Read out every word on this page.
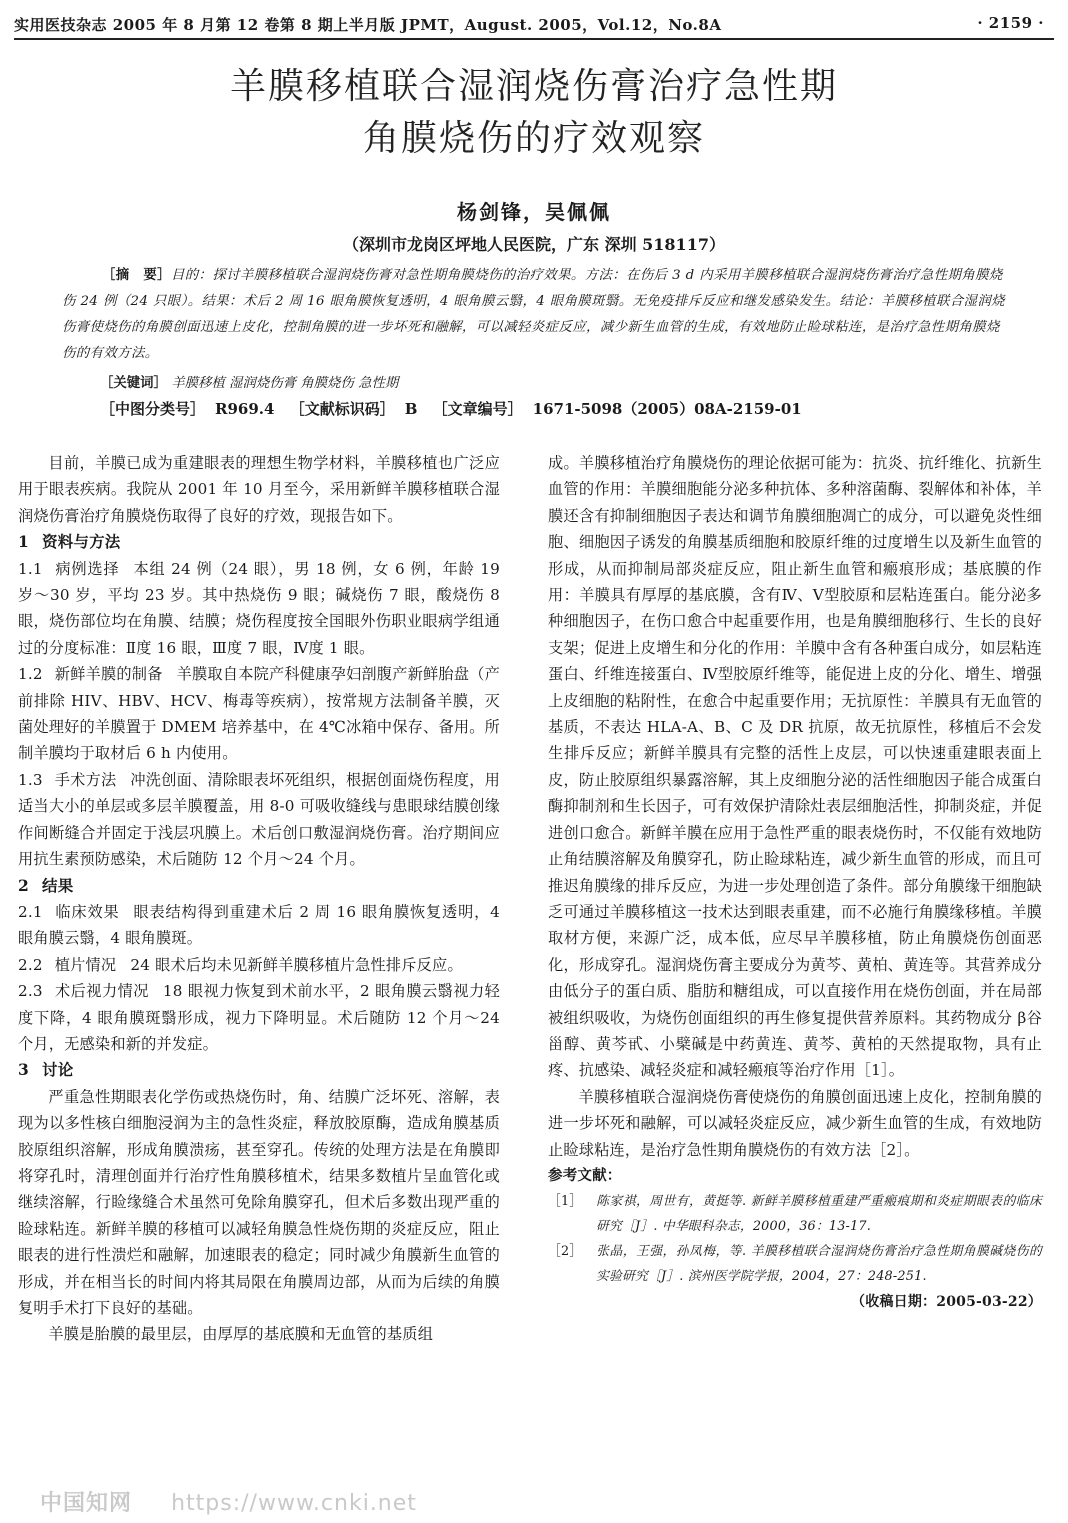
实用医技杂志 2005 年 8 月第 12 卷第 8 期上半月版 JPMT，August. 2005，Vol.12，No.8A	· 2159 ·
羊膜移植联合湿润烧伤膏治疗急性期
角膜烧伤的疗效观察
杨剑锋，吴佩佩
（深圳市龙岗区坪地人民医院，广东 深圳 518117）
［摘　要］目的：探讨羊膜移植联合湿润烧伤膏对急性期角膜烧伤的治疗效果。方法：在伤后 3 d 内采用羊膜移植联合湿润烧伤膏治疗急性期角膜烧伤 24 例（24 只眼）。结果：术后 2 周 16 眼角膜恢复透明，4 眼角膜云翳，4 眼角膜斑翳。无免疫排斥反应和继发感染发生。结论：羊膜移植联合湿润烧伤膏使烧伤的角膜创面迅速上皮化，控制角膜的进一步坏死和融解，可以减轻炎症反应，减少新生血管的生成，有效地防止睑球粘连，是治疗急性期角膜烧伤的有效方法。
［关键词］ 羊膜移植 湿润烧伤膏 角膜烧伤 急性期
［中图分类号］ R969.4 ［文献标识码］ B ［文章编号］ 1671-5098（2005）08A-2159-01

目前，羊膜已成为重建眼表的理想生物学材料，羊膜移植也广泛应用于眼表疾病。我院从 2001 年 10 月至今，采用新鲜羊膜移植联合湿润烧伤膏治疗角膜烧伤取得了良好的疗效，现报告如下。

1 资料与方法

1.1 病例选择 本组 24 例（24 眼），男 18 例，女 6 例，年龄 19 岁～30 岁，平均 23 岁。其中热烧伤 9 眼；碱烧伤 7 眼，酸烧伤 8 眼，烧伤部位均在角膜、结膜；烧伤程度按全国眼外伤职业眼病学组通过的分度标准：Ⅱ度 16 眼，Ⅲ度 7 眼，Ⅳ度 1 眼。

1.2 新鲜羊膜的制备 羊膜取自本院产科健康孕妇剖腹产新鲜胎盘（产前排除 HIV、HBV、HCV、梅毒等疾病），按常规方法制备羊膜，灭菌处理好的羊膜置于 DMEM 培养基中，在 4℃冰箱中保存、备用。所制羊膜均于取材后 6 h 内使用。

1.3 手术方法 冲洗创面、清除眼表坏死组织，根据创面烧伤程度，用适当大小的单层或多层羊膜覆盖，用 8-0 可吸收缝线与患眼球结膜创缘作间断缝合并固定于浅层巩膜上。术后创口敷湿润烧伤膏。治疗期间应用抗生素预防感染，术后随防 12 个月～24 个月。

2 结果

2.1 临床效果 眼表结构得到重建术后 2 周 16 眼角膜恢复透明，4 眼角膜云翳，4 眼角膜斑。

2.2 植片情况 24 眼术后均未见新鲜羊膜移植片急性排斥反应。

2.3 术后视力情况 18 眼视力恢复到术前水平，2 眼角膜云翳视力轻度下降，4 眼角膜斑翳形成，视力下降明显。术后随防 12 个月～24 个月，无感染和新的并发症。

3 讨论

严重急性期眼表化学伤或热烧伤时，角、结膜广泛坏死、溶解，表现为以多性核白细胞浸润为主的急性炎症，释放胶原酶，造成角膜基质胶原组织溶解，形成角膜溃疡，甚至穿孔。传统的处理方法是在角膜即将穿孔时，清理创面并行治疗性角膜移植术，结果多数植片呈血管化或继续溶解，行睑缘缝合术虽然可免除角膜穿孔，但术后多数出现严重的睑球粘连。新鲜羊膜的移植可以减轻角膜急性烧伤期的炎症反应，阻止眼表的进行性溃烂和融解，加速眼表的稳定；同时减少角膜新生血管的形成，并在相当长的时间内将其局限在角膜周边部，从而为后续的角膜复明手术打下良好的基础。

羊膜是胎膜的最里层，由厚厚的基底膜和无血管的基质组

成。羊膜移植治疗角膜烧伤的理论依据可能为：抗炎、抗纤维化、抗新生血管的作用：羊膜细胞能分泌多种抗体、多种溶菌酶、裂解体和补体，羊膜还含有抑制细胞因子表达和调节角膜细胞凋亡的成分，可以避免炎性细胞、细胞因子诱发的角膜基质细胞和胶原纤维的过度增生以及新生血管的形成，从而抑制局部炎症反应，阻止新生血管和瘢痕形成；基底膜的作用：羊膜具有厚厚的基底膜，含有Ⅳ、Ⅴ型胶原和层粘连蛋白。能分泌多种细胞因子，在伤口愈合中起重要作用，也是角膜细胞移行、生长的良好支架；促进上皮增生和分化的作用：羊膜中含有各种蛋白成分，如层粘连蛋白、纤维连接蛋白、Ⅳ型胶原纤维等，能促进上皮的分化、增生、增强上皮细胞的粘附性，在愈合中起重要作用；无抗原性：羊膜具有无血管的基质，不表达 HLA-A、B、C 及 DR 抗原，故无抗原性，移植后不会发生排斥反应；新鲜羊膜具有完整的活性上皮层，可以快速重建眼表面上皮，防止胶原组织暴露溶解，其上皮细胞分泌的活性细胞因子能合成蛋白酶抑制剂和生长因子，可有效保护清除灶表层细胞活性，抑制炎症，并促进创口愈合。新鲜羊膜在应用于急性严重的眼表烧伤时，不仅能有效地防止角结膜溶解及角膜穿孔，防止睑球粘连，减少新生血管的形成，而且可推迟角膜缘的排斥反应，为进一步处理创造了条件。部分角膜缘干细胞缺乏可通过羊膜移植这一技术达到眼表重建，而不必施行角膜缘移植。羊膜取材方便，来源广泛，成本低，应尽早羊膜移植，防止角膜烧伤创面恶化，形成穿孔。湿润烧伤膏主要成分为黄芩、黄柏、黄连等。其营养成分由低分子的蛋白质、脂肪和糖组成，可以直接作用在烧伤创面，并在局部被组织吸收，为烧伤创面组织的再生修复提供营养原料。其药物成分 β谷甾醇、黄芩甙、小檗碱是中药黄连、黄芩、黄柏的天然提取物，具有止疼、抗感染、减轻炎症和减轻瘢痕等治疗作用［1］。

羊膜移植联合湿润烧伤膏使烧伤的角膜创面迅速上皮化，控制角膜的进一步坏死和融解，可以减轻炎症反应，减少新生血管的生成，有效地防止睑球粘连，是治疗急性期角膜烧伤的有效方法［2］。

参考文献：

［1］ 陈家祺，周世有，黄挺等. 新鲜羊膜移植重建严重瘢痕期和炎症期眼表的临床研究［J］. 中华眼科杂志，2000，36：13-17.

［2］ 张晶，王强，孙凤梅，等. 羊膜移植联合湿润烧伤膏治疗急性期角膜碱烧伤的实验研究［J］. 滨州医学院学报，2004，27：248-251.

（收稿日期：2005-03-22）

中国知网 https://www.cnki.net
